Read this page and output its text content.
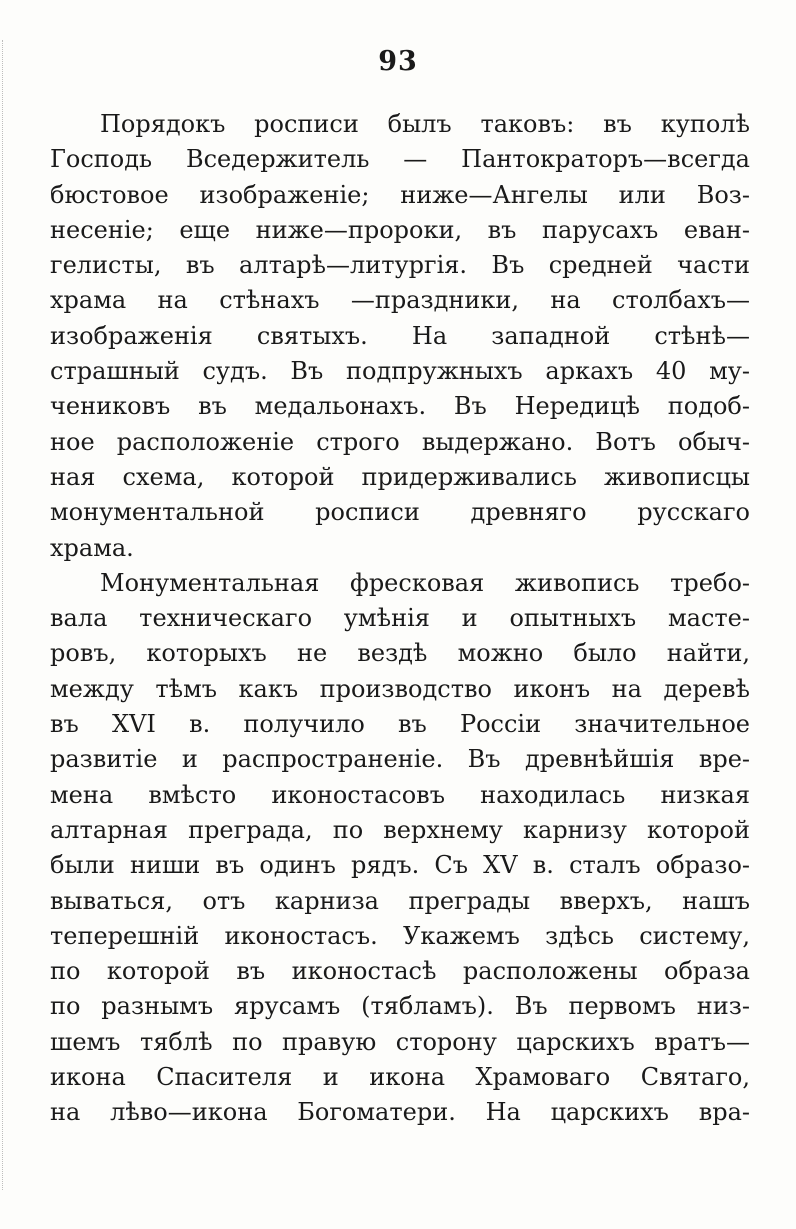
93
Порядокъ росписи былъ таковъ: въ куполѣ
Господь Вседержитель — Пантократоръ—всегда
бюстовое изображеніе; ниже—Ангелы или Воз-
несеніе; еще ниже—пророки, въ парусахъ еван-
гелисты, въ алтарѣ—литургія. Въ средней части
храма на стѣнахъ —праздники, на столбахъ—
изображенія святыхъ. На западной стѣнѣ—
страшный судъ. Въ подпружныхъ аркахъ 40 му-
чениковъ въ медальонахъ. Въ Нередицѣ подоб-
ное расположеніе строго выдержано. Вотъ обыч-
ная схема, которой придерживались живописцы
монументальной росписи древняго русскаго
храма.
Монументальная фресковая живопись требо-
вала техническаго умѣнія и опытныхъ масте-
ровъ, которыхъ не вездѣ можно было найти,
между тѣмъ какъ производство иконъ на деревѣ
въ XVI в. получило въ Россіи значительное
развитіе и распространеніе. Въ древнѣйшія вре-
мена вмѣсто иконостасовъ находилась низкая
алтарная преграда, по верхнему карнизу которой
были ниши въ одинъ рядъ. Съ XV в. сталъ образо-
вываться, отъ карниза преграды вверхъ, нашъ
теперешній иконостасъ. Укажемъ здѣсь систему,
по которой въ иконостасѣ расположены образа
по разнымъ ярусамъ (тябламъ). Въ первомъ низ-
шемъ тяблѣ по правую сторону царскихъ вратъ—
икона Спасителя и икона Храмоваго Святаго,
на лѣво—икона Богоматери. На царскихъ вра-
